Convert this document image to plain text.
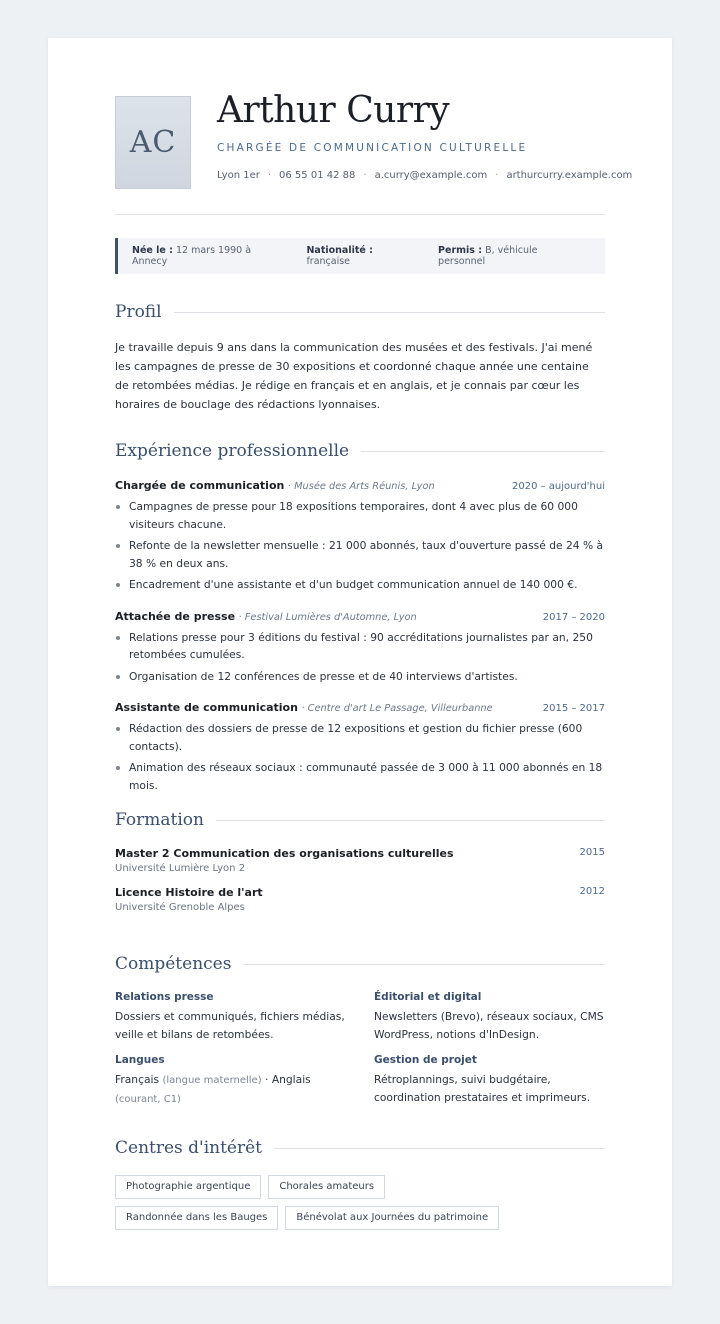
AC
Arthur Curry
CHARGÉE DE COMMUNICATION CULTURELLE
Lyon 1er · 06 55 01 42 88 · a.curry@example.com · arthurcurry.example.com
Née le : 12 mars 1990 à Annecy
Nationalité : française
Permis : B, véhicule personnel
Profil

Je travaille depuis 9 ans dans la communication des musées et des festivals. J'ai mené les campagnes de presse de 30 expositions et coordonné chaque année une centaine de retombées médias. Je rédige en français et en anglais, et je connais par cœur les horaires de bouclage des rédactions lyonnaises.

Expérience professionnelle
Chargée de communication · Musée des Arts Réunis, Lyon	2020 – aujourd'hui
Campagnes de presse pour 18 expositions temporaires, dont 4 avec plus de 60 000 visiteurs chacune.
Refonte de la newsletter mensuelle : 21 000 abonnés, taux d'ouverture passé de 24 % à 38 % en deux ans.
Encadrement d'une assistante et d'un budget communication annuel de 140 000 €.
Attachée de presse · Festival Lumières d'Automne, Lyon	2017 – 2020
Relations presse pour 3 éditions du festival : 90 accréditations journalistes par an, 250 retombées cumulées.
Organisation de 12 conférences de presse et de 40 interviews d'artistes.
Assistante de communication · Centre d'art Le Passage, Villeurbanne	2015 – 2017
Rédaction des dossiers de presse de 12 expositions et gestion du fichier presse (600 contacts).
Animation des réseaux sociaux : communauté passée de 3 000 à 11 000 abonnés en 18 mois.
Formation
Master 2 Communication des organisations culturelles
Université Lumière Lyon 2
2015
Licence Histoire de l'art
Université Grenoble Alpes
2012
Compétences
Relations presse
Dossiers et communiqués, fichiers médias, veille et bilans de retombées.
Éditorial et digital
Newsletters (Brevo), réseaux sociaux, CMS WordPress, notions d'InDesign.
Langues
Français (langue maternelle) · Anglais (courant, C1)
Gestion de projet
Rétroplannings, suivi budgétaire, coordination prestataires et imprimeurs.
Centres d'intérêt
Photographie argentique	Chorales amateurs
Randonnée dans les Bauges	Bénévolat aux Journées du patrimoine
